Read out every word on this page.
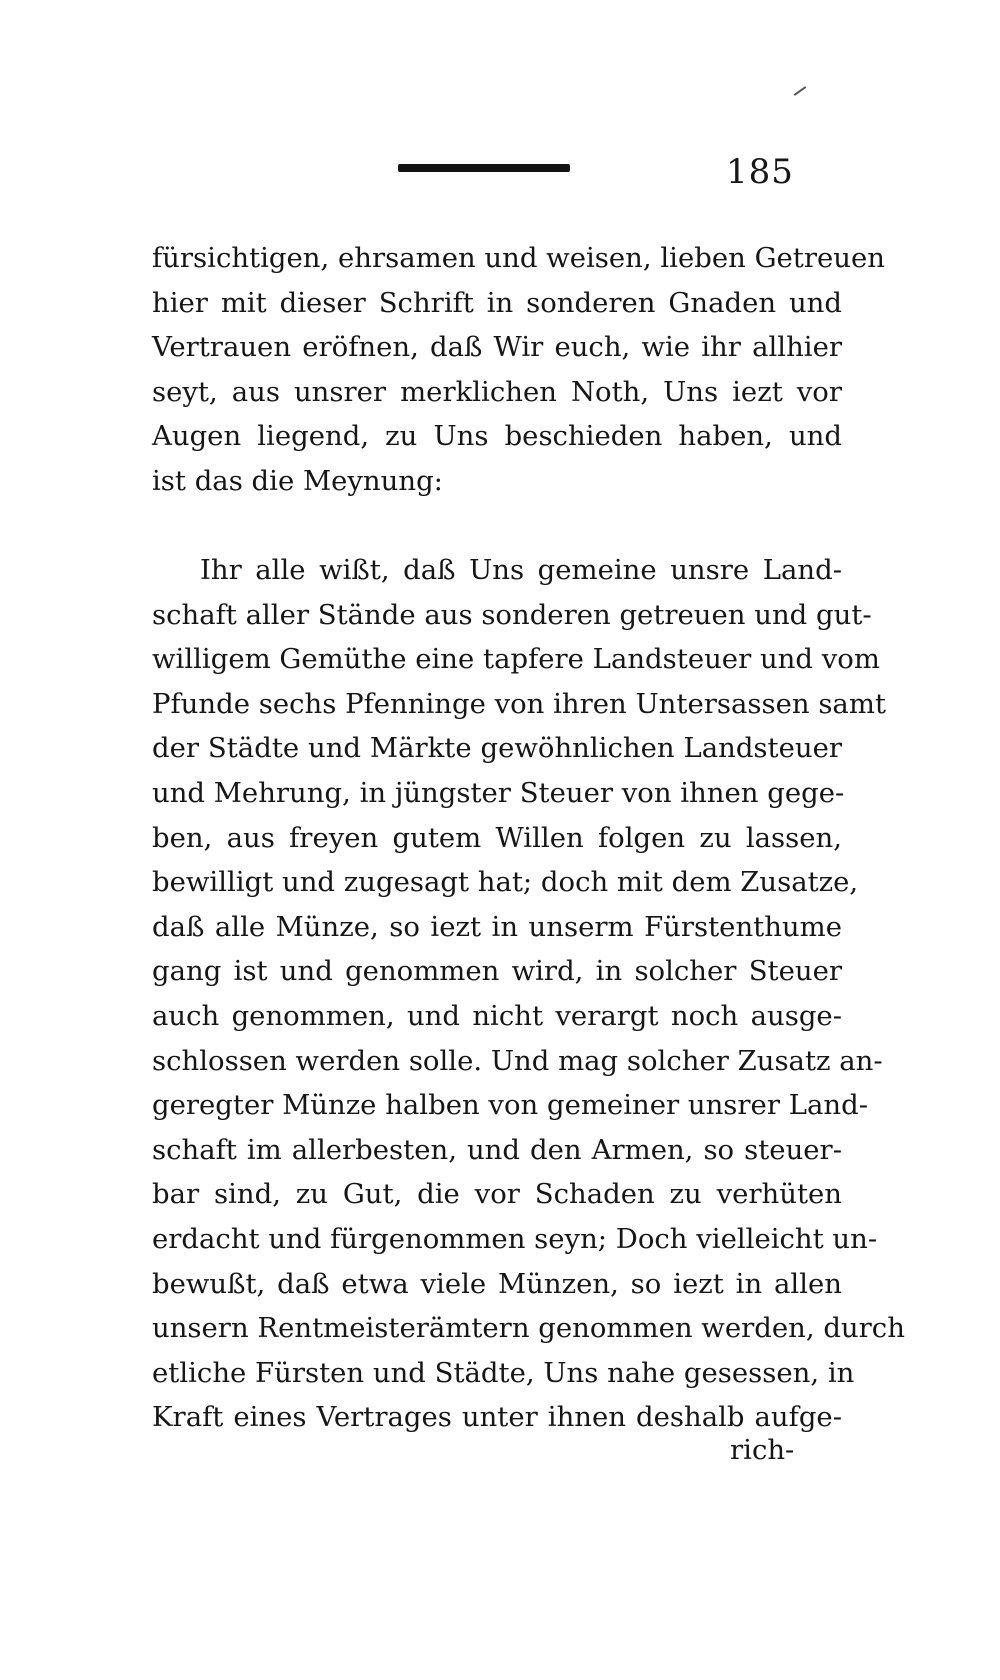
185
fürsichtigen, ehrsamen und weisen, lieben Getreuen
hier mit dieser Schrift in sonderen Gnaden und
Vertrauen eröfnen, daß Wir euch, wie ihr allhier
seyt, aus unsrer merklichen Noth, Uns iezt vor
Augen liegend, zu Uns beschieden haben, und
ist das die Meynung:
Ihr alle wißt, daß Uns gemeine unsre Land-
schaft aller Stände aus sonderen getreuen und gut-
willigem Gemüthe eine tapfere Landsteuer und vom
Pfunde sechs Pfenninge von ihren Untersassen samt
der Städte und Märkte gewöhnlichen Landsteuer
und Mehrung, in jüngster Steuer von ihnen gege-
ben, aus freyen gutem Willen folgen zu lassen,
bewilligt und zugesagt hat; doch mit dem Zusatze,
daß alle Münze, so iezt in unserm Fürstenthume
gang ist und genommen wird, in solcher Steuer
auch genommen, und nicht verargt noch ausge-
schlossen werden solle. Und mag solcher Zusatz an-
geregter Münze halben von gemeiner unsrer Land-
schaft im allerbesten, und den Armen, so steuer-
bar sind, zu Gut, die vor Schaden zu verhüten
erdacht und fürgenommen seyn; Doch vielleicht un-
bewußt, daß etwa viele Münzen, so iezt in allen
unsern Rentmeisterämtern genommen werden, durch
etliche Fürsten und Städte, Uns nahe gesessen, in
Kraft eines Vertrages unter ihnen deshalb aufge-
rich-
